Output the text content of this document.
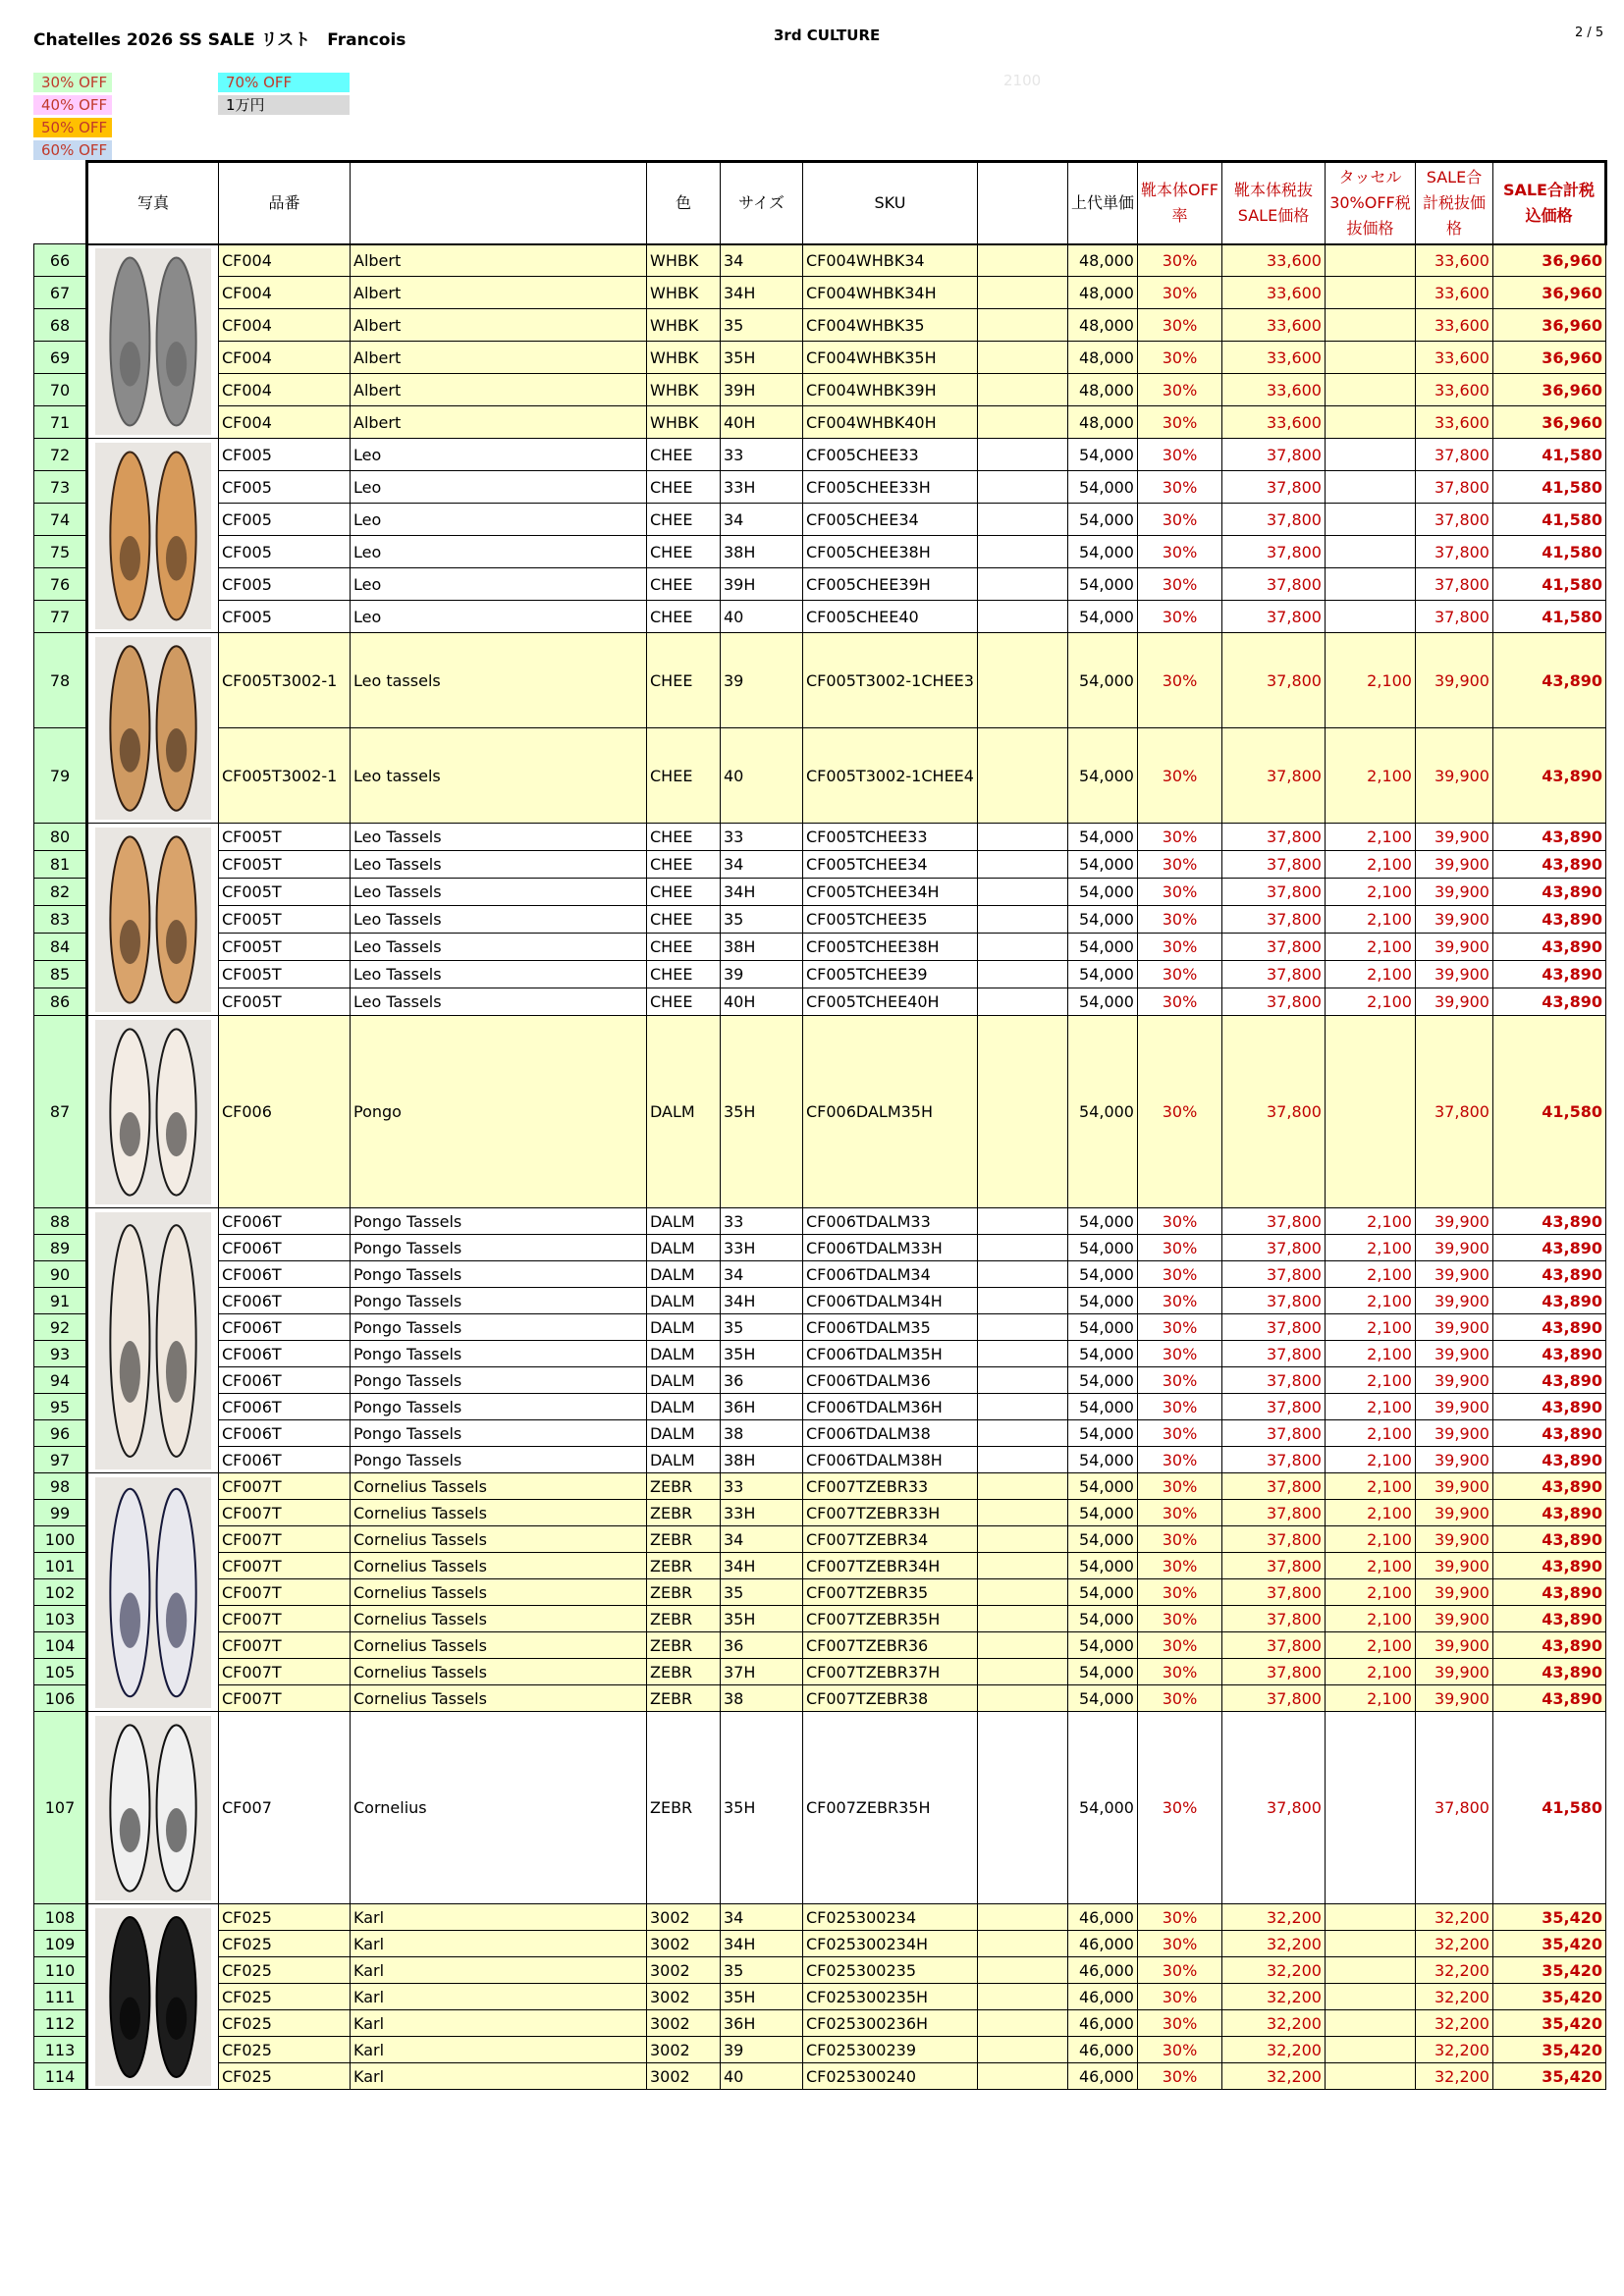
Chatelles 2026 SS SALE リスト　Francois	3rd CULTURE	2 / 5
2100
30% OFF
40% OFF
50% OFF
60% OFF
70% OFF
1万円
	写真	品番		色	サイズ	SKU		上代単価	靴本体OFF率	靴本体税抜SALE価格	タッセル30%OFF税抜価格	SALE合計税抜価格	SALE合計税込価格
66		CF004	Albert	WHBK	34	CF004WHBK34		48,000	30%	33,600		33,600	36,960
67		CF004	Albert	WHBK	34H	CF004WHBK34H		48,000	30%	33,600		33,600	36,960
68		CF004	Albert	WHBK	35	CF004WHBK35		48,000	30%	33,600		33,600	36,960
69		CF004	Albert	WHBK	35H	CF004WHBK35H		48,000	30%	33,600		33,600	36,960
70		CF004	Albert	WHBK	39H	CF004WHBK39H		48,000	30%	33,600		33,600	36,960
71		CF004	Albert	WHBK	40H	CF004WHBK40H		48,000	30%	33,600		33,600	36,960
72		CF005	Leo	CHEE	33	CF005CHEE33		54,000	30%	37,800		37,800	41,580
73		CF005	Leo	CHEE	33H	CF005CHEE33H		54,000	30%	37,800		37,800	41,580
74		CF005	Leo	CHEE	34	CF005CHEE34		54,000	30%	37,800		37,800	41,580
75		CF005	Leo	CHEE	38H	CF005CHEE38H		54,000	30%	37,800		37,800	41,580
76		CF005	Leo	CHEE	39H	CF005CHEE39H		54,000	30%	37,800		37,800	41,580
77		CF005	Leo	CHEE	40	CF005CHEE40		54,000	30%	37,800		37,800	41,580
78		CF005T3002-1	Leo tassels	CHEE	39	CF005T3002-1CHEE3		54,000	30%	37,800	2,100	39,900	43,890
79		CF005T3002-1	Leo tassels	CHEE	40	CF005T3002-1CHEE4		54,000	30%	37,800	2,100	39,900	43,890
80		CF005T	Leo Tassels	CHEE	33	CF005TCHEE33		54,000	30%	37,800	2,100	39,900	43,890
81		CF005T	Leo Tassels	CHEE	34	CF005TCHEE34		54,000	30%	37,800	2,100	39,900	43,890
82		CF005T	Leo Tassels	CHEE	34H	CF005TCHEE34H		54,000	30%	37,800	2,100	39,900	43,890
83		CF005T	Leo Tassels	CHEE	35	CF005TCHEE35		54,000	30%	37,800	2,100	39,900	43,890
84		CF005T	Leo Tassels	CHEE	38H	CF005TCHEE38H		54,000	30%	37,800	2,100	39,900	43,890
85		CF005T	Leo Tassels	CHEE	39	CF005TCHEE39		54,000	30%	37,800	2,100	39,900	43,890
86		CF005T	Leo Tassels	CHEE	40H	CF005TCHEE40H		54,000	30%	37,800	2,100	39,900	43,890
87		CF006	Pongo	DALM	35H	CF006DALM35H		54,000	30%	37,800		37,800	41,580
88		CF006T	Pongo Tassels	DALM	33	CF006TDALM33		54,000	30%	37,800	2,100	39,900	43,890
89		CF006T	Pongo Tassels	DALM	33H	CF006TDALM33H		54,000	30%	37,800	2,100	39,900	43,890
90		CF006T	Pongo Tassels	DALM	34	CF006TDALM34		54,000	30%	37,800	2,100	39,900	43,890
91		CF006T	Pongo Tassels	DALM	34H	CF006TDALM34H		54,000	30%	37,800	2,100	39,900	43,890
92		CF006T	Pongo Tassels	DALM	35	CF006TDALM35		54,000	30%	37,800	2,100	39,900	43,890
93		CF006T	Pongo Tassels	DALM	35H	CF006TDALM35H		54,000	30%	37,800	2,100	39,900	43,890
94		CF006T	Pongo Tassels	DALM	36	CF006TDALM36		54,000	30%	37,800	2,100	39,900	43,890
95		CF006T	Pongo Tassels	DALM	36H	CF006TDALM36H		54,000	30%	37,800	2,100	39,900	43,890
96		CF006T	Pongo Tassels	DALM	38	CF006TDALM38		54,000	30%	37,800	2,100	39,900	43,890
97		CF006T	Pongo Tassels	DALM	38H	CF006TDALM38H		54,000	30%	37,800	2,100	39,900	43,890
98		CF007T	Cornelius Tassels	ZEBR	33	CF007TZEBR33		54,000	30%	37,800	2,100	39,900	43,890
99		CF007T	Cornelius Tassels	ZEBR	33H	CF007TZEBR33H		54,000	30%	37,800	2,100	39,900	43,890
100		CF007T	Cornelius Tassels	ZEBR	34	CF007TZEBR34		54,000	30%	37,800	2,100	39,900	43,890
101		CF007T	Cornelius Tassels	ZEBR	34H	CF007TZEBR34H		54,000	30%	37,800	2,100	39,900	43,890
102		CF007T	Cornelius Tassels	ZEBR	35	CF007TZEBR35		54,000	30%	37,800	2,100	39,900	43,890
103		CF007T	Cornelius Tassels	ZEBR	35H	CF007TZEBR35H		54,000	30%	37,800	2,100	39,900	43,890
104		CF007T	Cornelius Tassels	ZEBR	36	CF007TZEBR36		54,000	30%	37,800	2,100	39,900	43,890
105		CF007T	Cornelius Tassels	ZEBR	37H	CF007TZEBR37H		54,000	30%	37,800	2,100	39,900	43,890
106		CF007T	Cornelius Tassels	ZEBR	38	CF007TZEBR38		54,000	30%	37,800	2,100	39,900	43,890
107		CF007	Cornelius	ZEBR	35H	CF007ZEBR35H		54,000	30%	37,800		37,800	41,580
108		CF025	Karl	3002	34	CF025300234		46,000	30%	32,200		32,200	35,420
109		CF025	Karl	3002	34H	CF025300234H		46,000	30%	32,200		32,200	35,420
110		CF025	Karl	3002	35	CF025300235		46,000	30%	32,200		32,200	35,420
111		CF025	Karl	3002	35H	CF025300235H		46,000	30%	32,200		32,200	35,420
112		CF025	Karl	3002	36H	CF025300236H		46,000	30%	32,200		32,200	35,420
113		CF025	Karl	3002	39	CF025300239		46,000	30%	32,200		32,200	35,420
114		CF025	Karl	3002	40	CF025300240		46,000	30%	32,200		32,200	35,420
